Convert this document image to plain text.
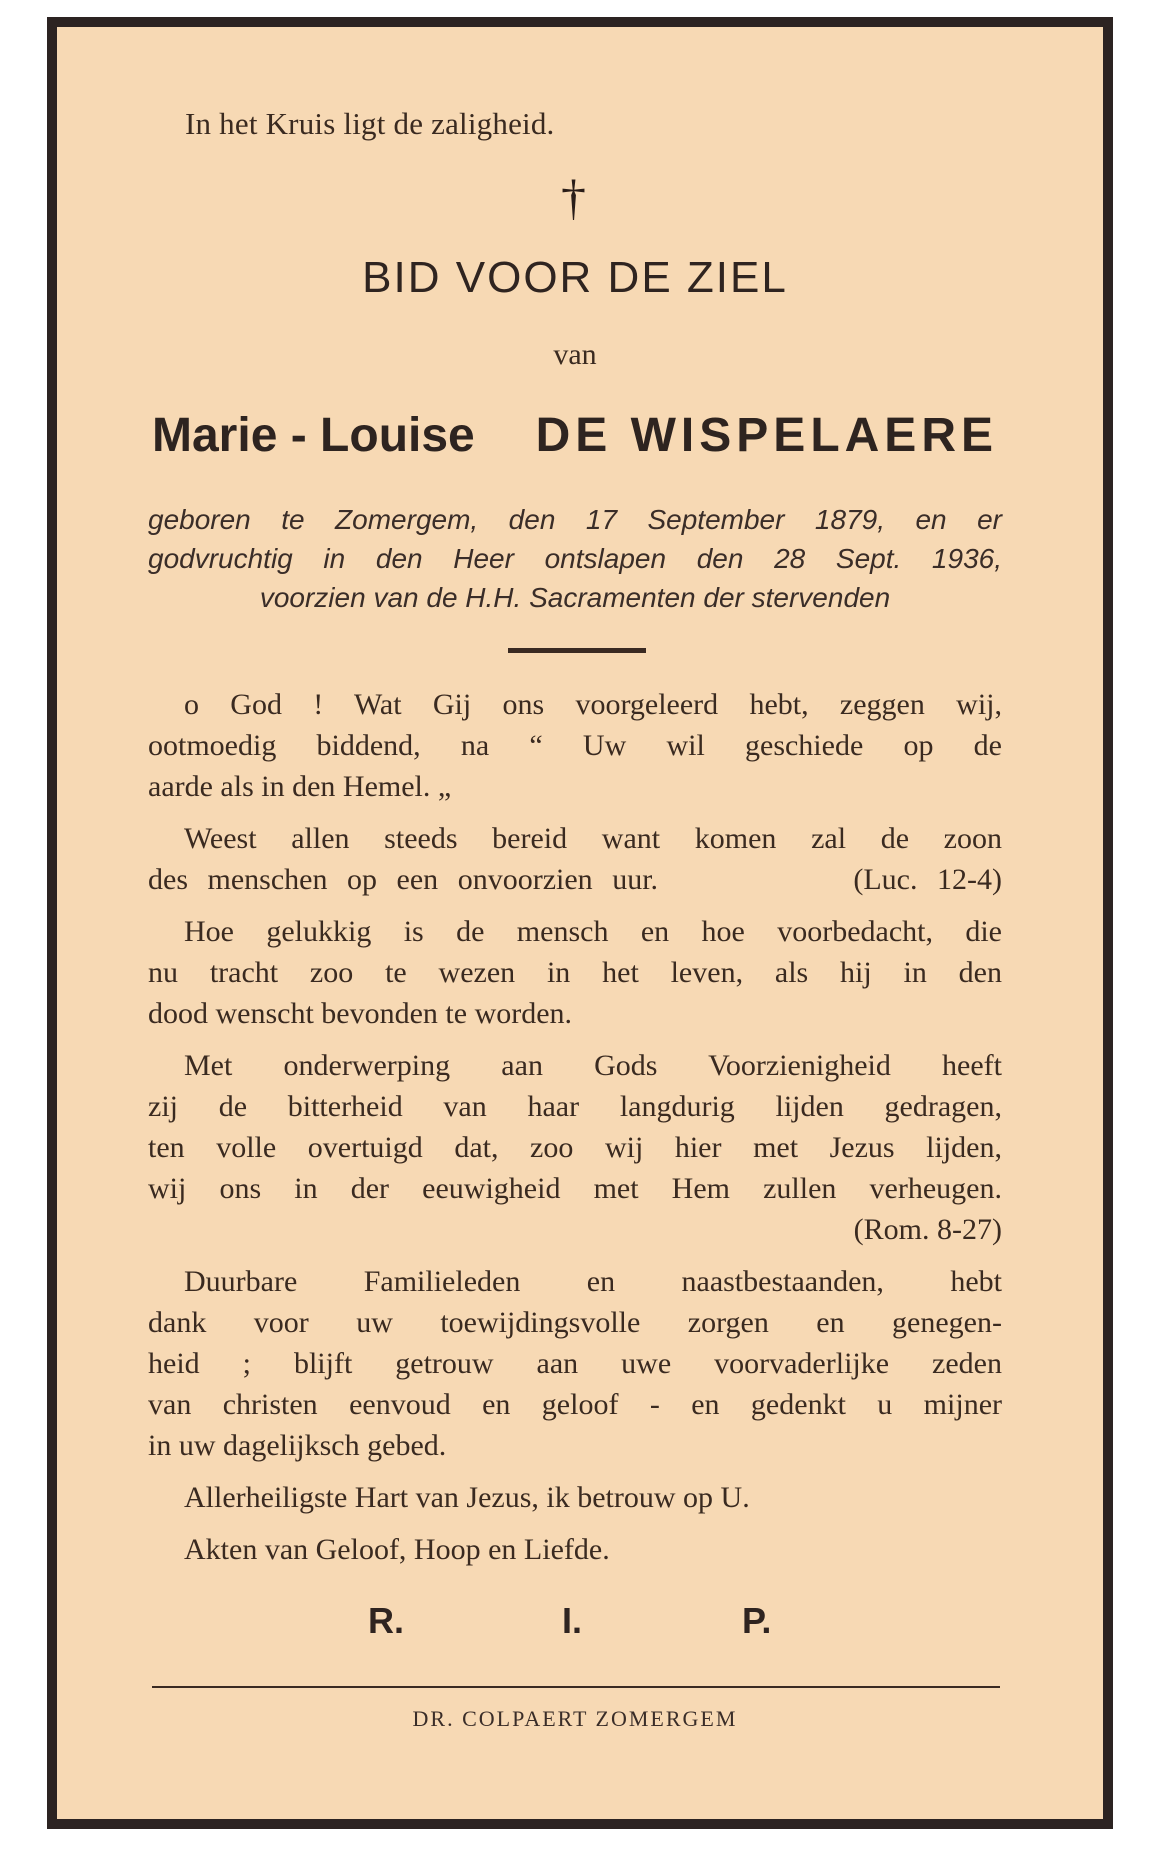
In het Kruis ligt de zaligheid.
†
BID VOOR DE ZIEL
van
Marie - Louise DE WISPELAERE
geboren te Zomergem, den 17 September 1879, en er
godvruchtig in den Heer ontslapen den 28 Sept. 1936,
voorzien van de H.H. Sacramenten der stervenden
o God ! Wat Gij ons voorgeleerd hebt, zeggen wij,
ootmoedig biddend, na “ Uw wil geschiede op de
aarde als in den Hemel. „
Weest allen steeds bereid want komen zal de zoon
des menschen op een onvoorzien uur.          (Luc. 12-4)
Hoe gelukkig is de mensch en hoe voorbedacht, die
nu tracht zoo te wezen in het leven, als hij in den
dood wenscht bevonden te worden.
Met onderwerping aan Gods Voorzienigheid heeft
zij de bitterheid van haar langdurig lijden gedragen,
ten volle overtuigd dat, zoo wij hier met Jezus lijden,
wij ons in der eeuwigheid met Hem zullen verheugen.
(Rom. 8-27)
Duurbare Familieleden en naastbestaanden, hebt
dank voor uw toewijdingsvolle zorgen en genegen-
heid ; blijft getrouw aan uwe voorvaderlijke zeden
van christen eenvoud en geloof - en gedenkt u mijner
in uw dagelijksch gebed.
Allerheiligste Hart van Jezus, ik betrouw op U.
Akten van Geloof, Hoop en Liefde.
R.	I.	P.
DR. COLPAERT ZOMERGEM
